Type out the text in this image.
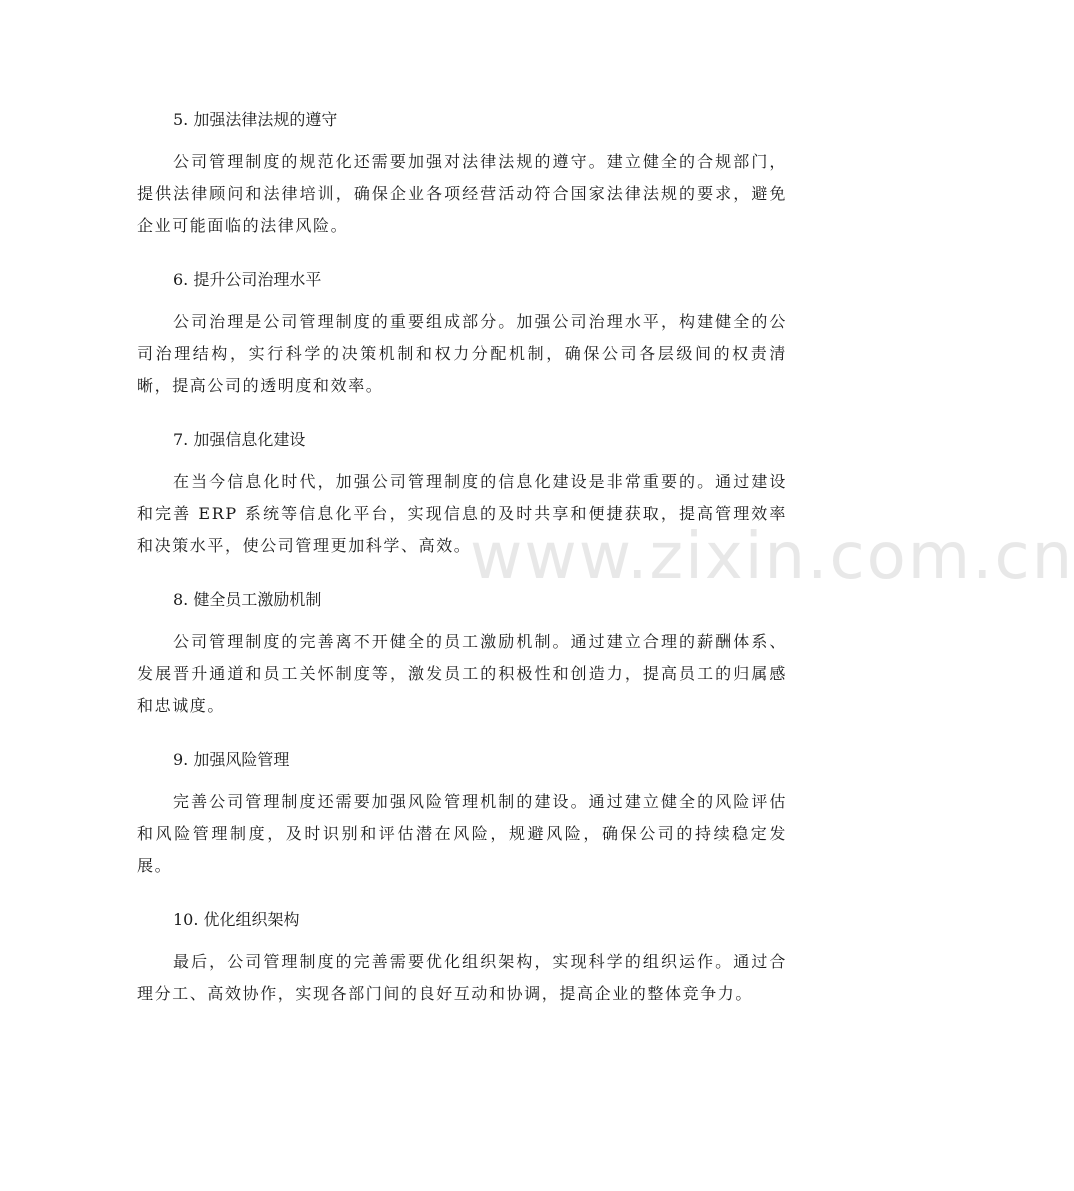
www.zixin.com.cn
5. 加强法律法规的遵守

公司管理制度的规范化还需要加强对法律法规的遵守。建立健全的合规部门，提供法律顾问和法律培训，确保企业各项经营活动符合国家法律法规的要求，避免企业可能面临的法律风险。

6. 提升公司治理水平

公司治理是公司管理制度的重要组成部分。加强公司治理水平，构建健全的公司治理结构，实行科学的决策机制和权力分配机制，确保公司各层级间的权责清晰，提高公司的透明度和效率。

7. 加强信息化建设

在当今信息化时代，加强公司管理制度的信息化建设是非常重要的。通过建设和完善 ERP 系统等信息化平台，实现信息的及时共享和便捷获取，提高管理效率和决策水平，使公司管理更加科学、高效。

8. 健全员工激励机制

公司管理制度的完善离不开健全的员工激励机制。通过建立合理的薪酬体系、发展晋升通道和员工关怀制度等，激发员工的积极性和创造力，提高员工的归属感和忠诚度。

9. 加强风险管理

完善公司管理制度还需要加强风险管理机制的建设。通过建立健全的风险评估和风险管理制度，及时识别和评估潜在风险，规避风险，确保公司的持续稳定发展。

10. 优化组织架构

最后，公司管理制度的完善需要优化组织架构，实现科学的组织运作。通过合理分工、高效协作，实现各部门间的良好互动和协调，提高企业的整体竞争力。
